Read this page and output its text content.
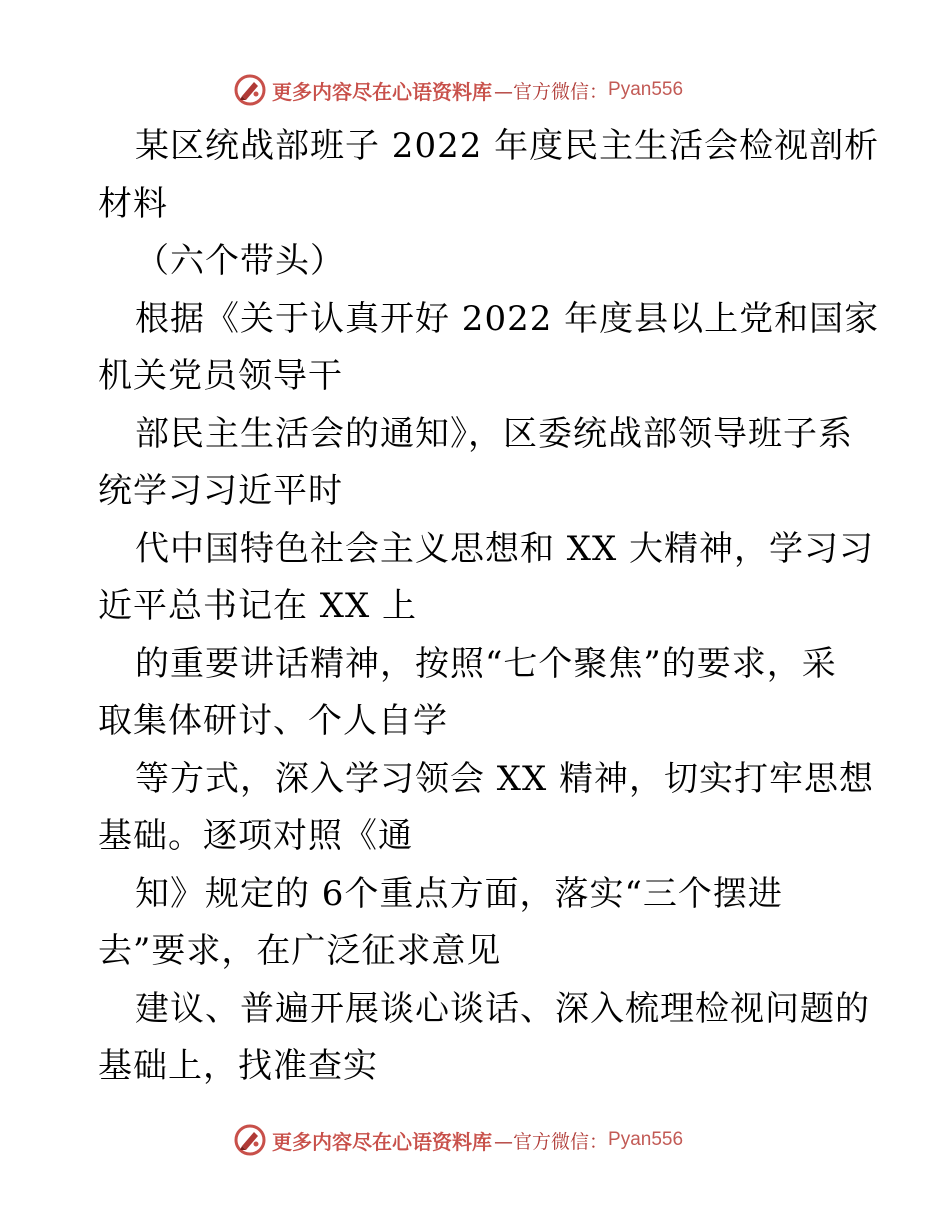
更多内容尽在心语资料库 —官方微信： Pyan556
某区统战部班子 2022 年度民主生活会检视剖析
材料
（六个带头）
根据《关于认真开好 2022 年度县以上党和国家
机关党员领导干
部民主生活会的通知》，区委统战部领导班子系
统学习习近平时
代中国特色社会主义思想和 XX 大精神，学习习
近平总书记在 XX 上
的重要讲话精神，按照“七个聚焦”的要求，采
取集体研讨、个人自学
等方式，深入学习领会 XX 精神，切实打牢思想
基础。逐项对照《通
知》规定的 6个重点方面，落实“三个摆进
去”要求，在广泛征求意见
建议、普遍开展谈心谈话、深入梳理检视问题的
基础上，找准查实
更多内容尽在心语资料库 —官方微信： Pyan556
